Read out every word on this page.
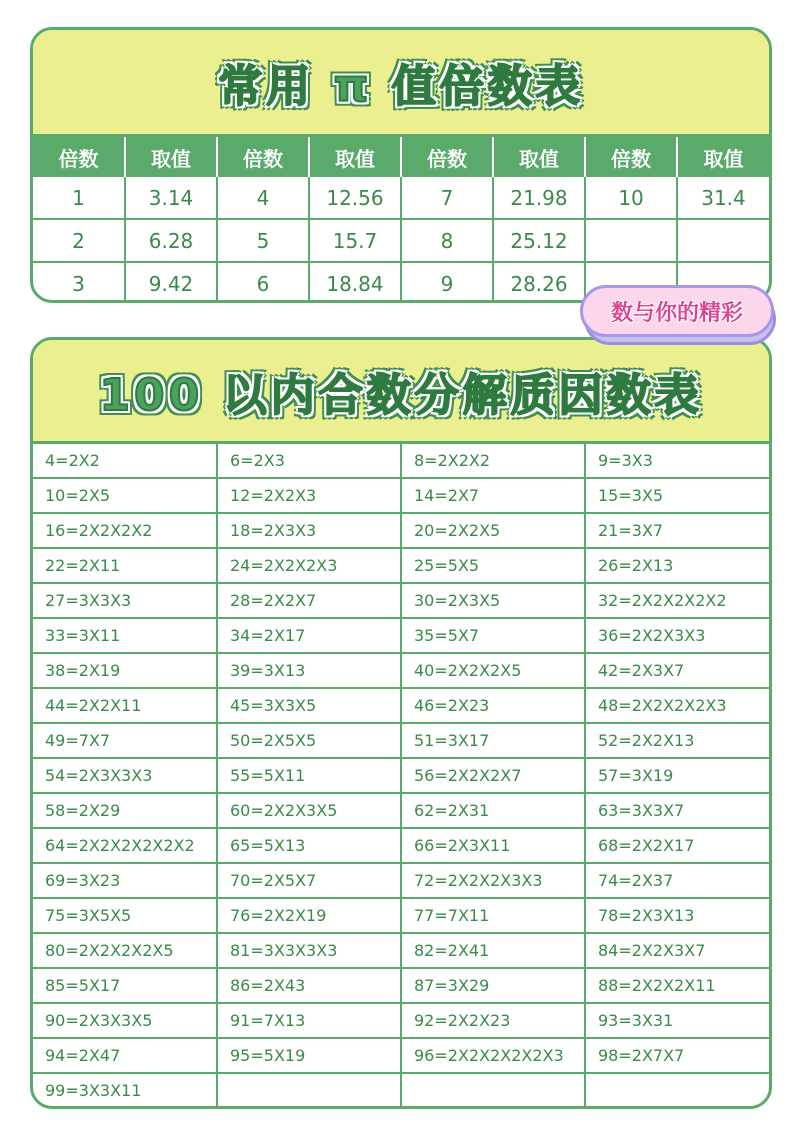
常用 π 值倍数表
倍数	取值	倍数	取值	倍数	取值	倍数	取值
1	3.14	4	12.56	7	21.98	10	31.4
2	6.28	5	15.7	8	25.12		
3	9.42	6	18.84	9	28.26		
数与你的精彩
100 以内合数分解质因数表
4=2X2	6=2X3	8=2X2X2	9=3X3
10=2X5	12=2X2X3	14=2X7	15=3X5
16=2X2X2X2	18=2X3X3	20=2X2X5	21=3X7
22=2X11	24=2X2X2X3	25=5X5	26=2X13
27=3X3X3	28=2X2X7	30=2X3X5	32=2X2X2X2X2
33=3X11	34=2X17	35=5X7	36=2X2X3X3
38=2X19	39=3X13	40=2X2X2X5	42=2X3X7
44=2X2X11	45=3X3X5	46=2X23	48=2X2X2X2X3
49=7X7	50=2X5X5	51=3X17	52=2X2X13
54=2X3X3X3	55=5X11	56=2X2X2X7	57=3X19
58=2X29	60=2X2X3X5	62=2X31	63=3X3X7
64=2X2X2X2X2X2	65=5X13	66=2X3X11	68=2X2X17
69=3X23	70=2X5X7	72=2X2X2X3X3	74=2X37
75=3X5X5	76=2X2X19	77=7X11	78=2X3X13
80=2X2X2X2X5	81=3X3X3X3	82=2X41	84=2X2X3X7
85=5X17	86=2X43	87=3X29	88=2X2X2X11
90=2X3X3X5	91=7X13	92=2X2X23	93=3X31
94=2X47	95=5X19	96=2X2X2X2X2X3	98=2X7X7
99=3X3X11			
